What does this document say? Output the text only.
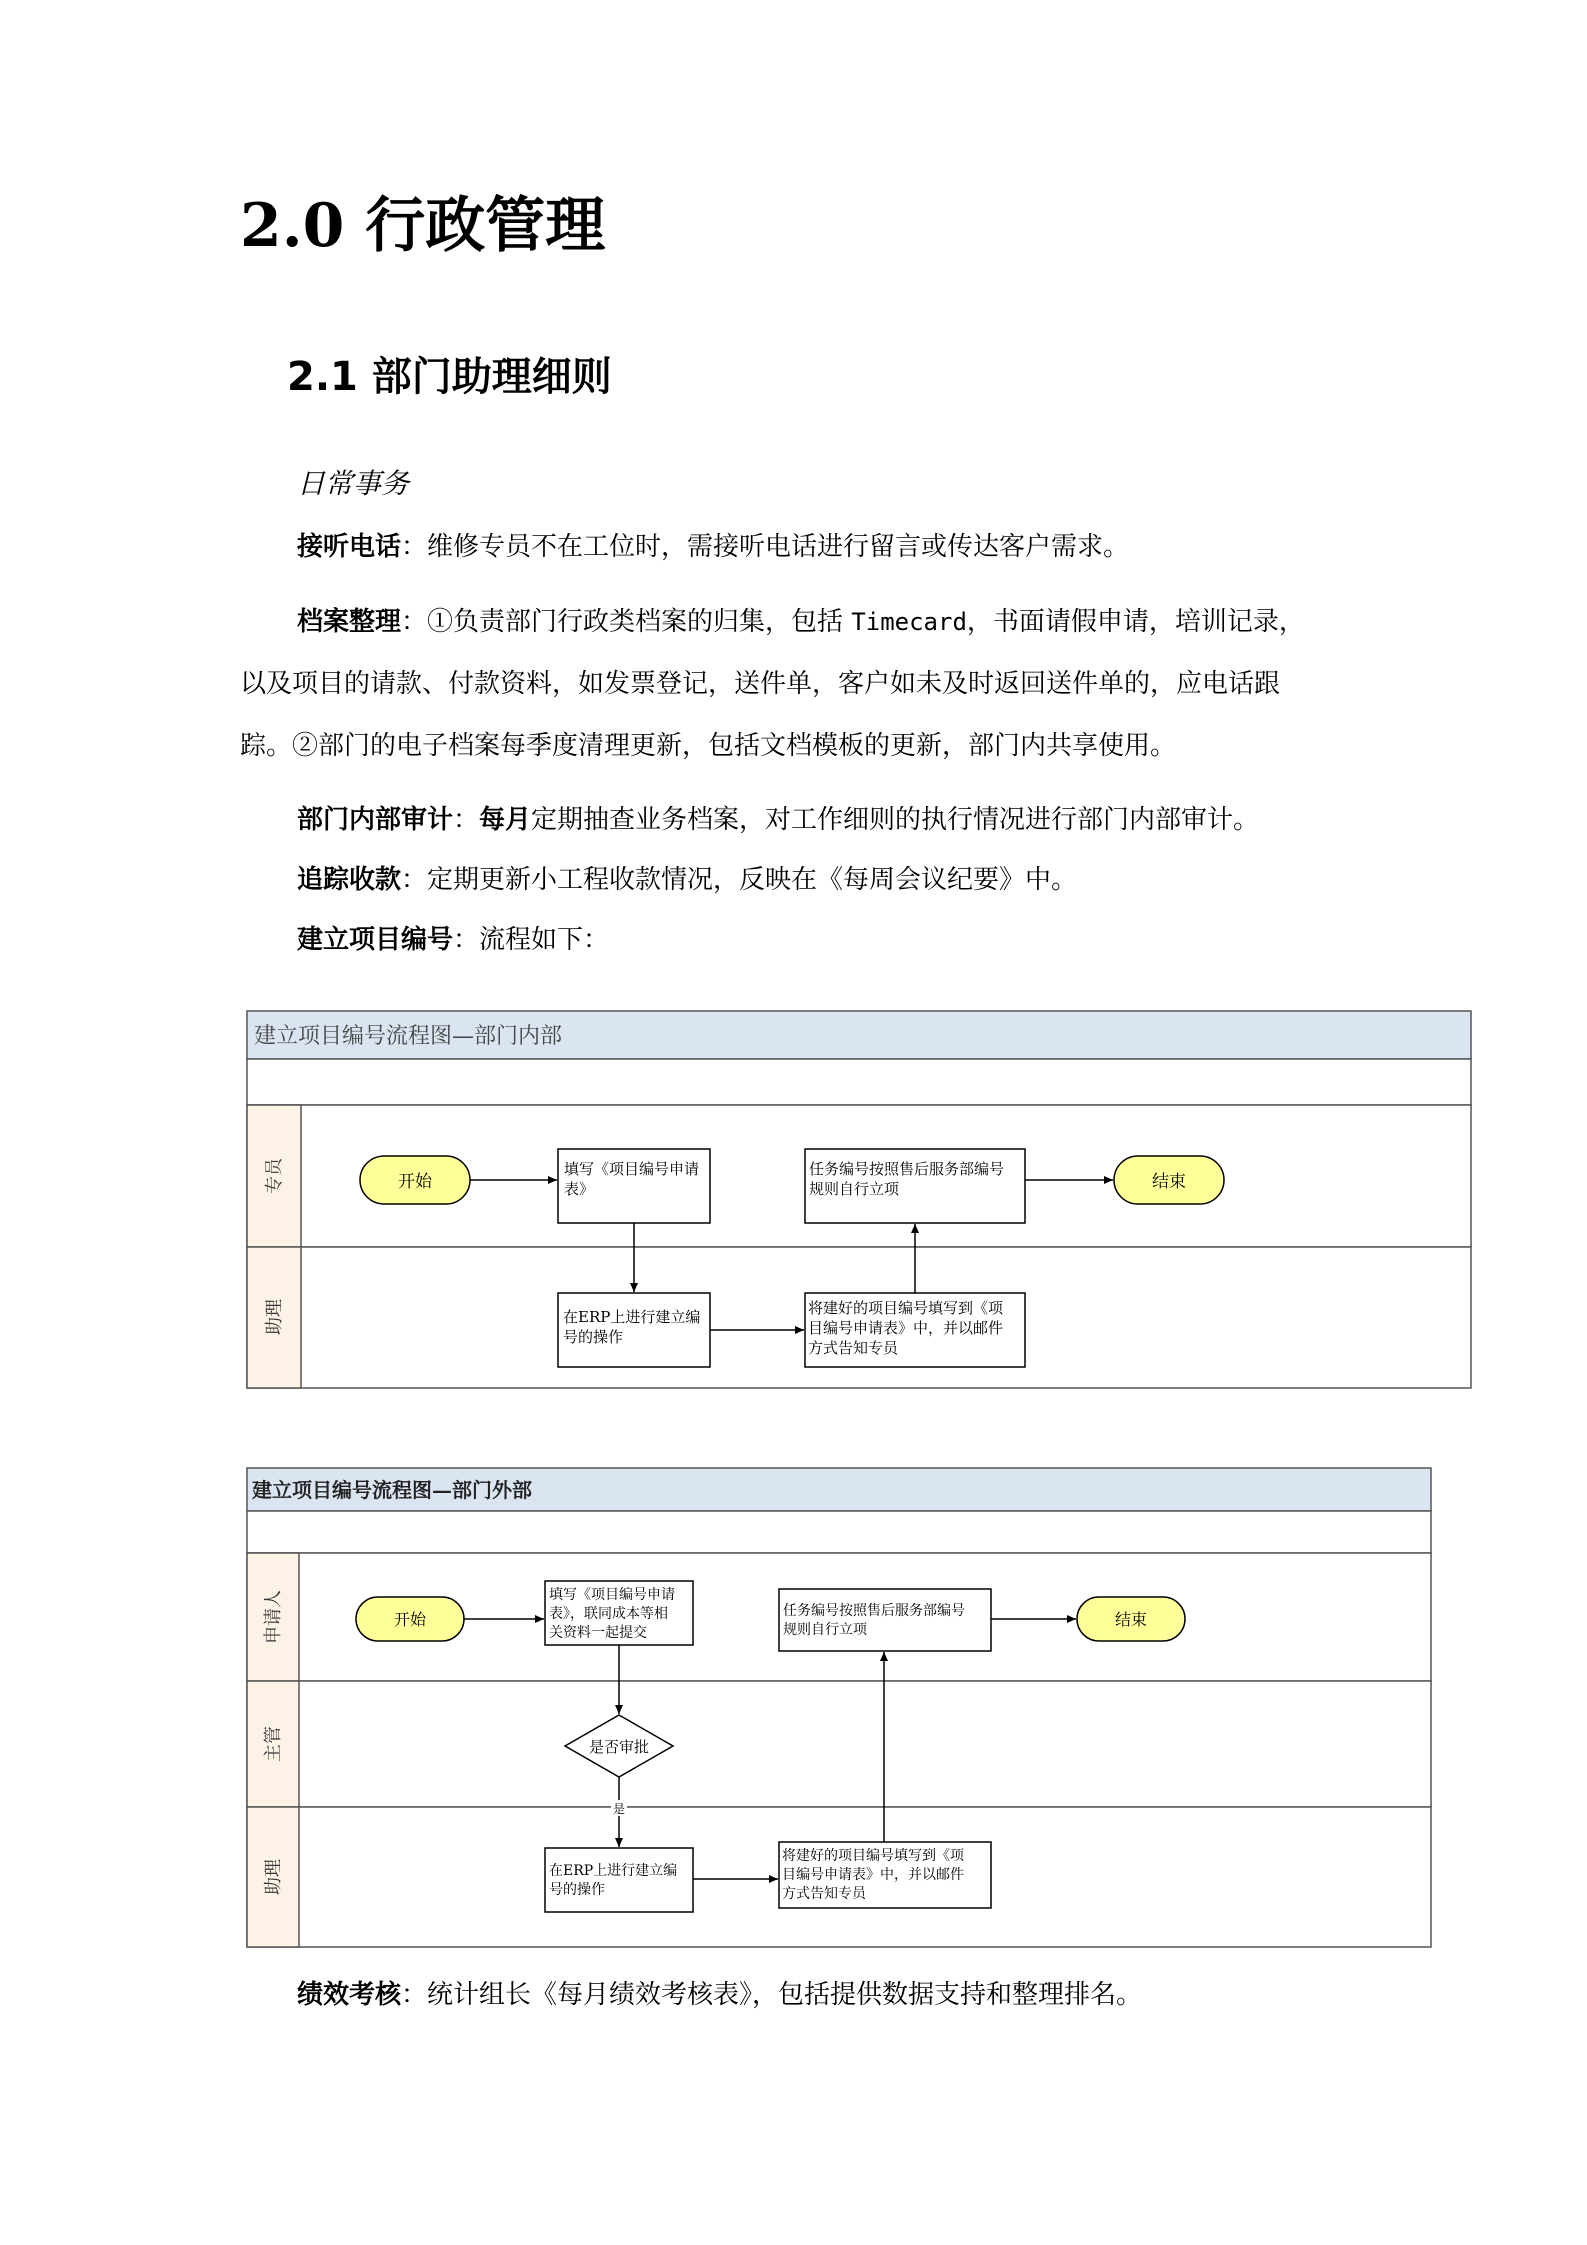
2.0 行政管理
2.1 部门助理细则
日常事务
接听电话：维修专员不在工位时，需接听电话进行留言或传达客户需求。
档案整理：①负责部门行政类档案的归集，包括 Timecard，书面请假申请，培训记录，
以及项目的请款、付款资料，如发票登记，送件单，客户如未及时返回送件单的，应电话跟
踪。②部门的电子档案每季度清理更新，包括文档模板的更新，部门内共享使用。
部门内部审计：每月定期抽查业务档案，对工作细则的执行情况进行部门内部审计。
追踪收款：定期更新小工程收款情况，反映在《每周会议纪要》中。
建立项目编号：流程如下：
建立项目编号流程图—部门内部
专员
助理
开始
填写《项目编号申请
表》
任务编号按照售后服务部编号
规则自行立项	结束
在ERP上进行建立编
号的操作
将建好的项目编号填写到《项
目编号申请表》中，并以邮件
方式告知专员
建立项目编号流程图—部门外部
申请人
主管
助理
开始
填写《项目编号申请
表》，联同成本等相
关资料一起提交
任务编号按照售后服务部编号
规则自行立项
结束
是否审批
在ERP上进行建立编
号的操作
将建好的项目编号填写到《项
目编号申请表》中，并以邮件
方式告知专员
是
绩效考核：统计组长《每月绩效考核表》，包括提供数据支持和整理排名。
